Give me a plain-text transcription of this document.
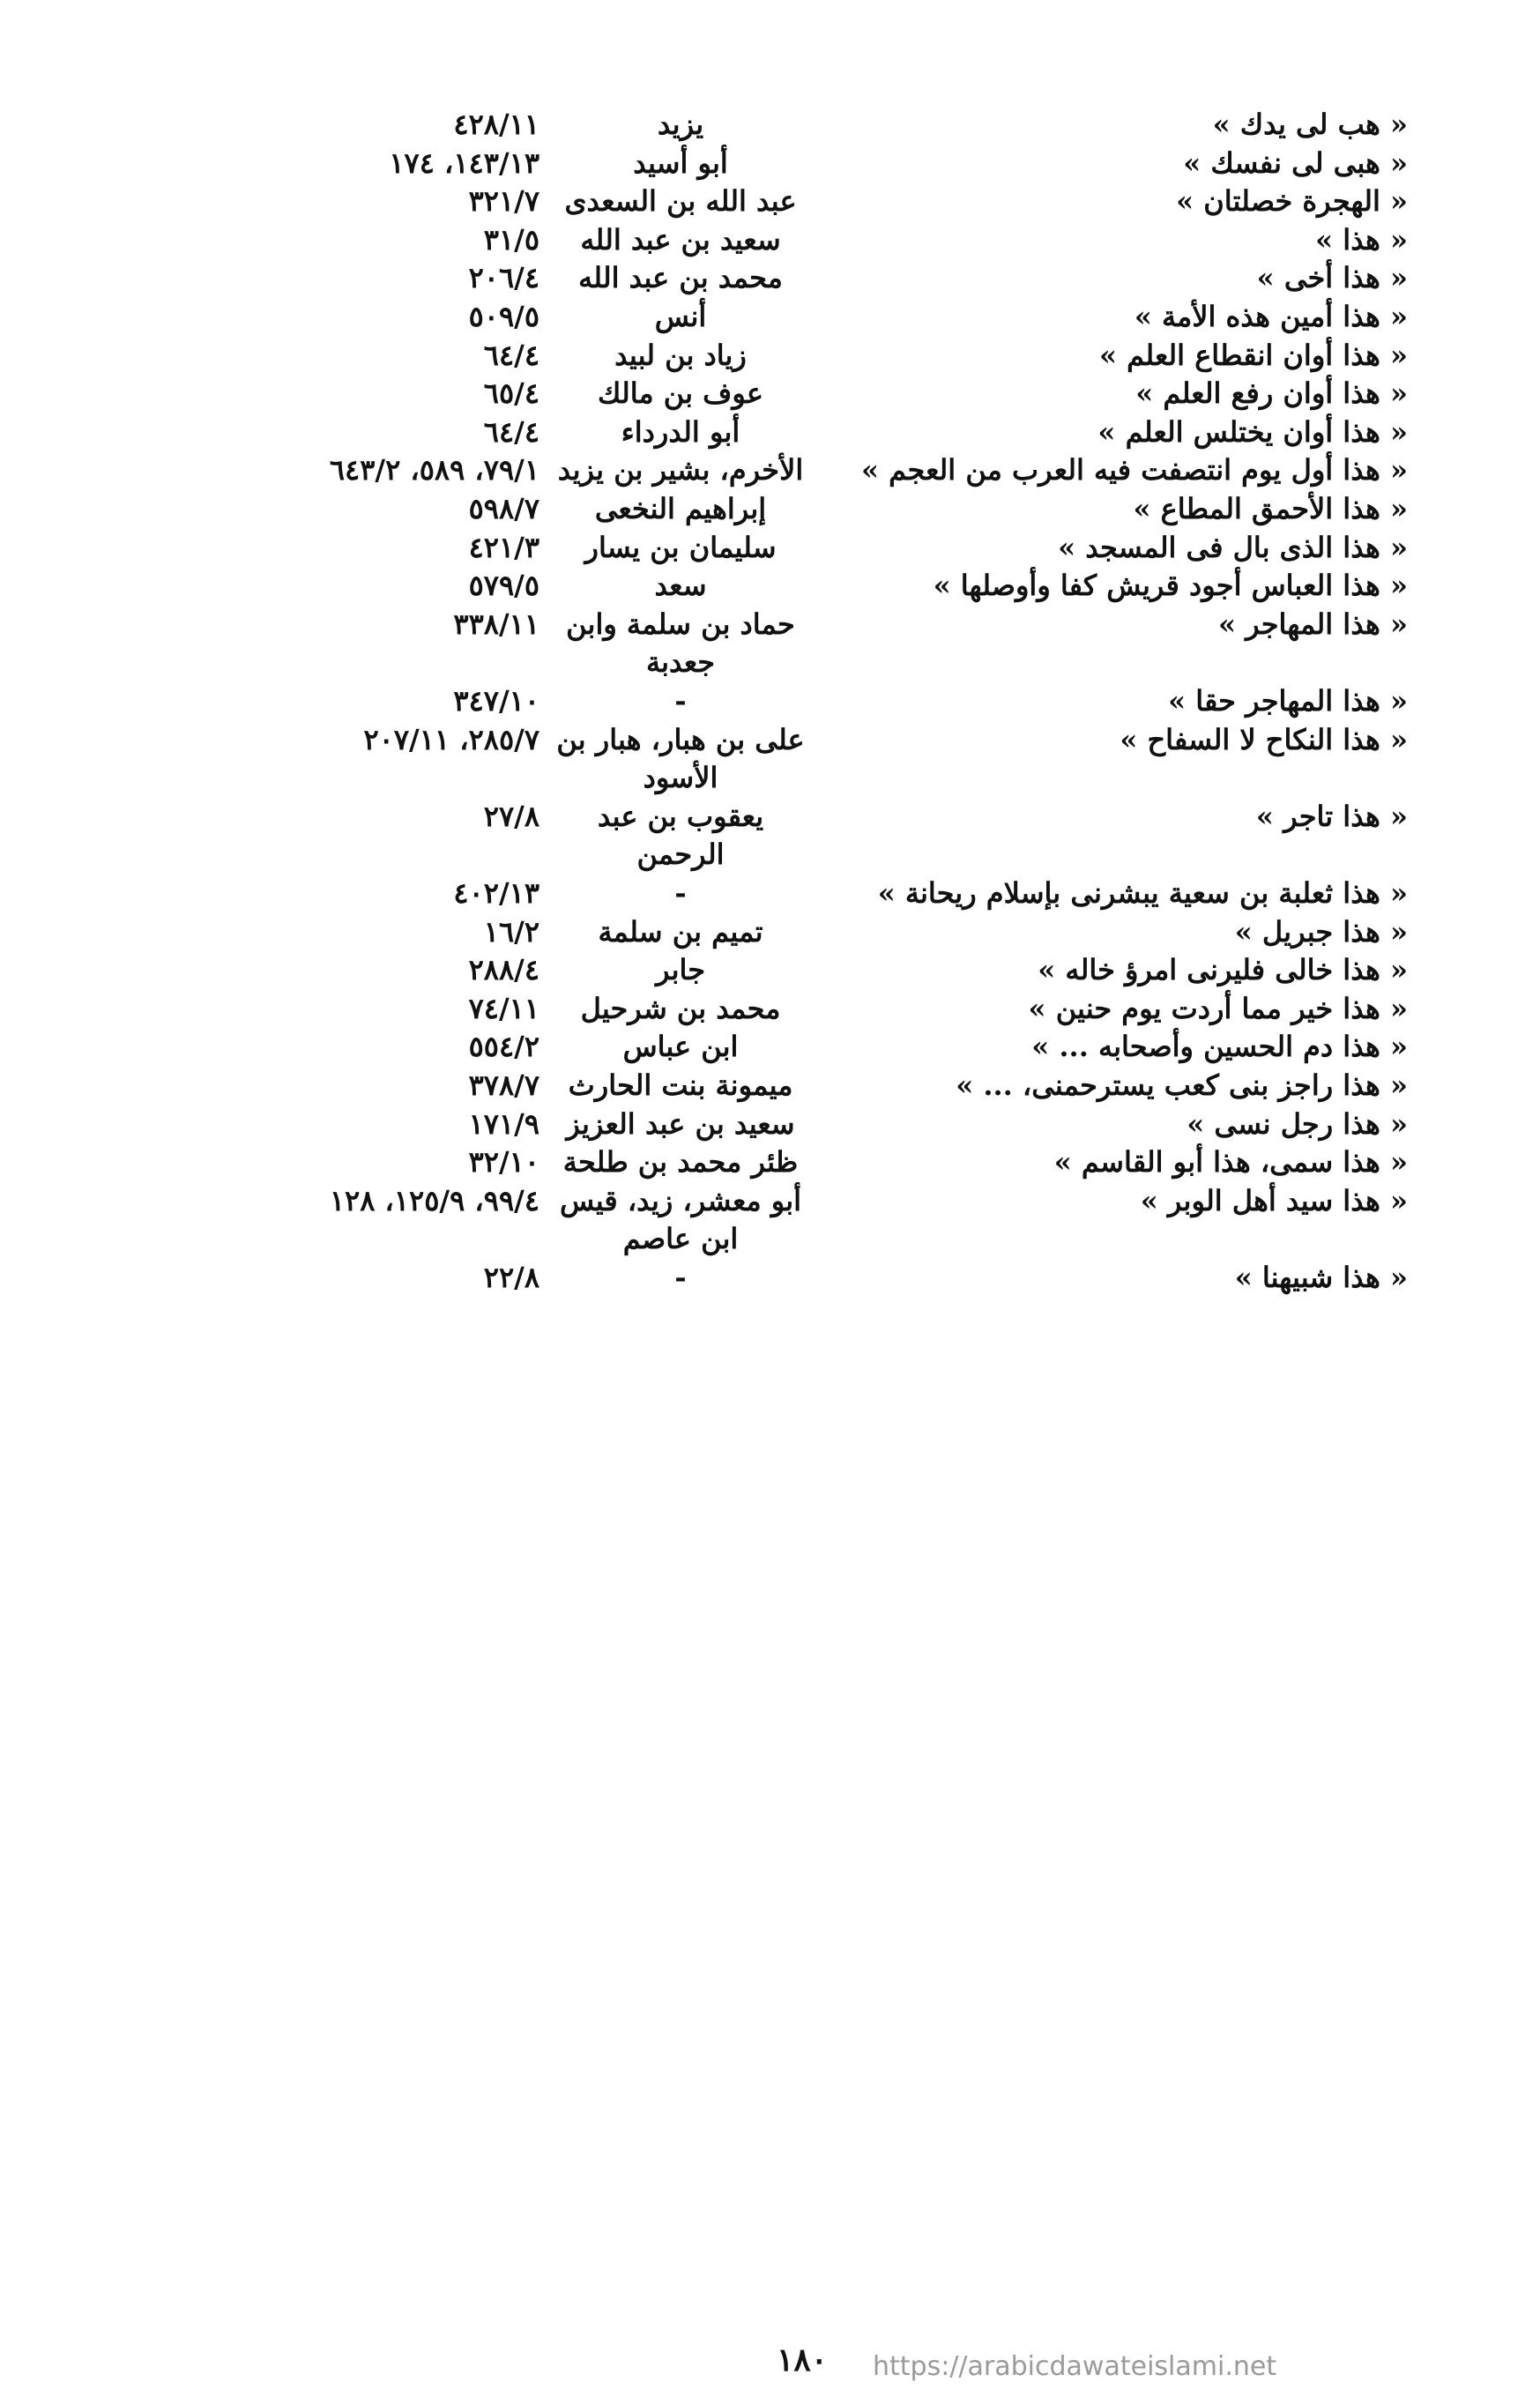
« هب لى يدك »
يزيد
٤٢٨/١١
« هبى لى نفسك »
أبو أسيد
١٤٣/١٣، ١٧٤
« الهجرة خصلتان »
عبد الله بن السعدى
٣٢١/٧
« هذا »
سعيد بن عبد الله
٣١/٥
« هذا أخى »
محمد بن عبد الله
٢٠٦/٤
« هذا أمين هذه الأمة »
أنس
٥٠٩/٥
« هذا أوان انقطاع العلم »
زياد بن لبيد
٦٤/٤
« هذا أوان رفع العلم »
عوف بن مالك
٦٥/٤
« هذا أوان يختلس العلم »
أبو الدرداء
٦٤/٤
« هذا أول يوم انتصفت فيه العرب من العجم »
الأخرم، بشير بن يزيد
٧٩/١، ٥٨٩، ٦٤٣/٢
« هذا الأحمق المطاع »
إبراهيم النخعى
٥٩٨/٧
« هذا الذى بال فى المسجد »
سليمان بن يسار
٤٢١/٣
« هذا العباس أجود قريش كفا وأوصلها »
سعد
٥٧٩/٥
« هذا المهاجر »
حماد بن سلمة وابن
٣٣٨/١١
جعدبة
« هذا المهاجر حقا »
-
٣٤٧/١٠
« هذا النكاح لا السفاح »
على بن هبار، هبار بن
٢٨٥/٧، ٢٠٧/١١
الأسود
« هذا تاجر »
يعقوب بن عبد
٢٧/٨
الرحمن
« هذا ثعلبة بن سعية يبشرنى بإسلام ريحانة »
-
٤٠٢/١٣
« هذا جبريل »
تميم بن سلمة
١٦/٢
« هذا خالى فليرنى امرؤ خاله »
جابر
٢٨٨/٤
« هذا خير مما أردت يوم حنين »
محمد بن شرحيل
٧٤/١١
« هذا دم الحسين وأصحابه ... »
ابن عباس
٥٥٤/٢
« هذا راجز بنى كعب يسترحمنى، ... »
ميمونة بنت الحارث
٣٧٨/٧
« هذا رجل نسى »
سعيد بن عبد العزيز
١٧١/٩
« هذا سمى، هذا أبو القاسم »
ظئر محمد بن طلحة
٣٢/١٠
« هذا سيد أهل الوبر »
أبو معشر، زيد، قيس
٩٩/٤، ١٢٥/٩، ١٢٨
ابن عاصم
« هذا شبيهنا »
-
٢٢/٨
١٨٠	https://arabicdawateislami.net
